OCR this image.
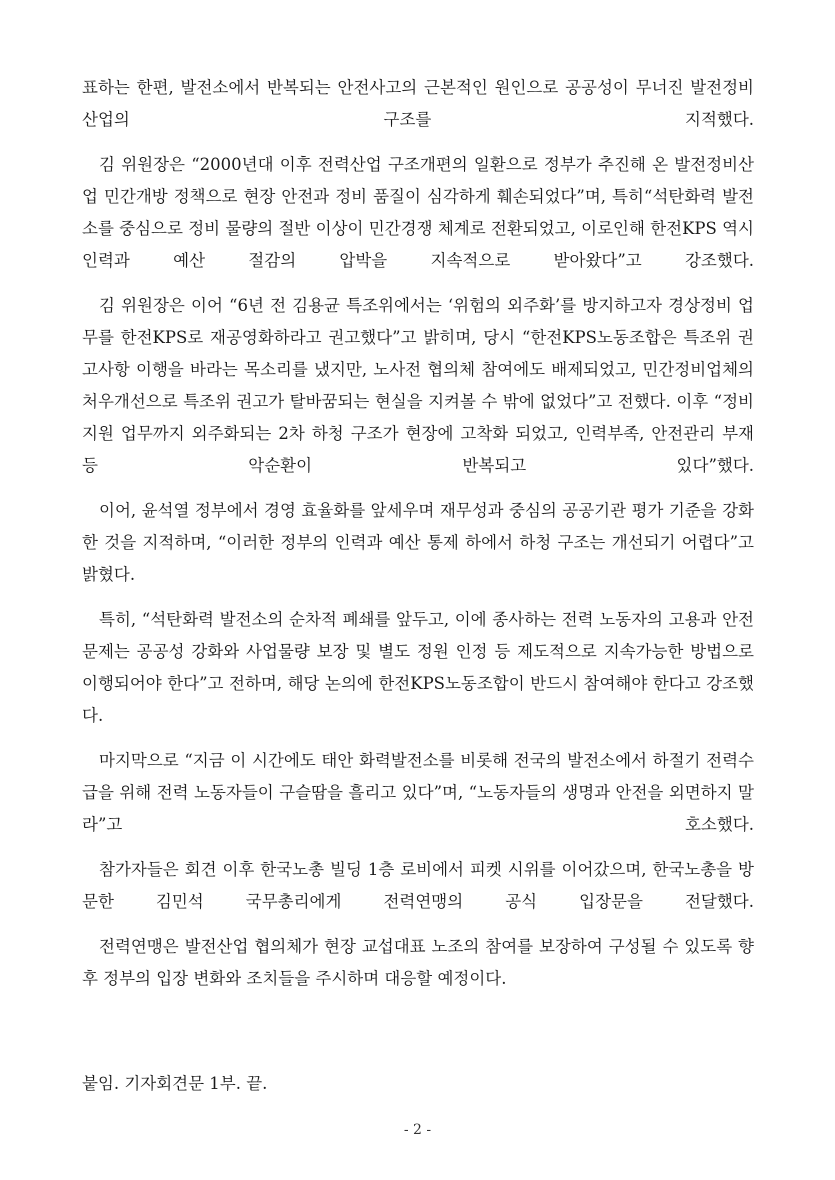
표하는 한편, 발전소에서 반복되는 안전사고의 근본적인 원인으로 공공성이 무너진 발전정비산업의 구조를 지적했다.

김 위원장은 “2000년대 이후 전력산업 구조개편의 일환으로 정부가 추진해 온 발전정비산업 민간개방 정책으로 현장 안전과 정비 품질이 심각하게 훼손되었다”며, 특히“석탄화력 발전소를 중심으로 정비 물량의 절반 이상이 민간경쟁 체계로 전환되었고, 이로인해 한전KPS 역시 인력과 예산 절감의 압박을 지속적으로 받아왔다”고 강조했다.

김 위원장은 이어 “6년 전 김용균 특조위에서는 ‘위험의 외주화’를 방지하고자 경상정비 업무를 한전KPS로 재공영화하라고 권고했다”고 밝히며, 당시 “한전KPS노동조합은 특조위 권고사항 이행을 바라는 목소리를 냈지만, 노사전 협의체 참여에도 배제되었고, 민간정비업체의 처우개선으로 특조위 권고가 탈바꿈되는 현실을 지켜볼 수 밖에 없었다”고 전했다. 이후 “정비지원 업무까지 외주화되는 2차 하청 구조가 현장에 고착화 되었고, 인력부족, 안전관리 부재 등 악순환이 반복되고 있다”했다.

이어, 윤석열 정부에서 경영 효율화를 앞세우며 재무성과 중심의 공공기관 평가 기준을 강화한 것을 지적하며, “이러한 정부의 인력과 예산 통제 하에서 하청 구조는 개선되기 어렵다”고 밝혔다.

특히, “석탄화력 발전소의 순차적 폐쇄를 앞두고, 이에 종사하는 전력 노동자의 고용과 안전 문제는 공공성 강화와 사업물량 보장 및 별도 정원 인정 등 제도적으로 지속가능한 방법으로 이행되어야 한다”고 전하며, 해당 논의에 한전KPS노동조합이 반드시 참여해야 한다고 강조했다.

마지막으로 “지금 이 시간에도 태안 화력발전소를 비롯해 전국의 발전소에서 하절기 전력수급을 위해 전력 노동자들이 구슬땀을 흘리고 있다”며, “노동자들의 생명과 안전을 외면하지 말라”고 호소했다.

참가자들은 회견 이후 한국노총 빌딩 1층 로비에서 피켓 시위를 이어갔으며, 한국노총을 방문한 김민석 국무총리에게 전력연맹의 공식 입장문을 전달했다.

전력연맹은 발전산업 협의체가 현장 교섭대표 노조의 참여를 보장하여 구성될 수 있도록 향후 정부의 입장 변화와 조치들을 주시하며 대응할 예정이다.

붙임. 기자회견문 1부. 끝.
- 2 -
